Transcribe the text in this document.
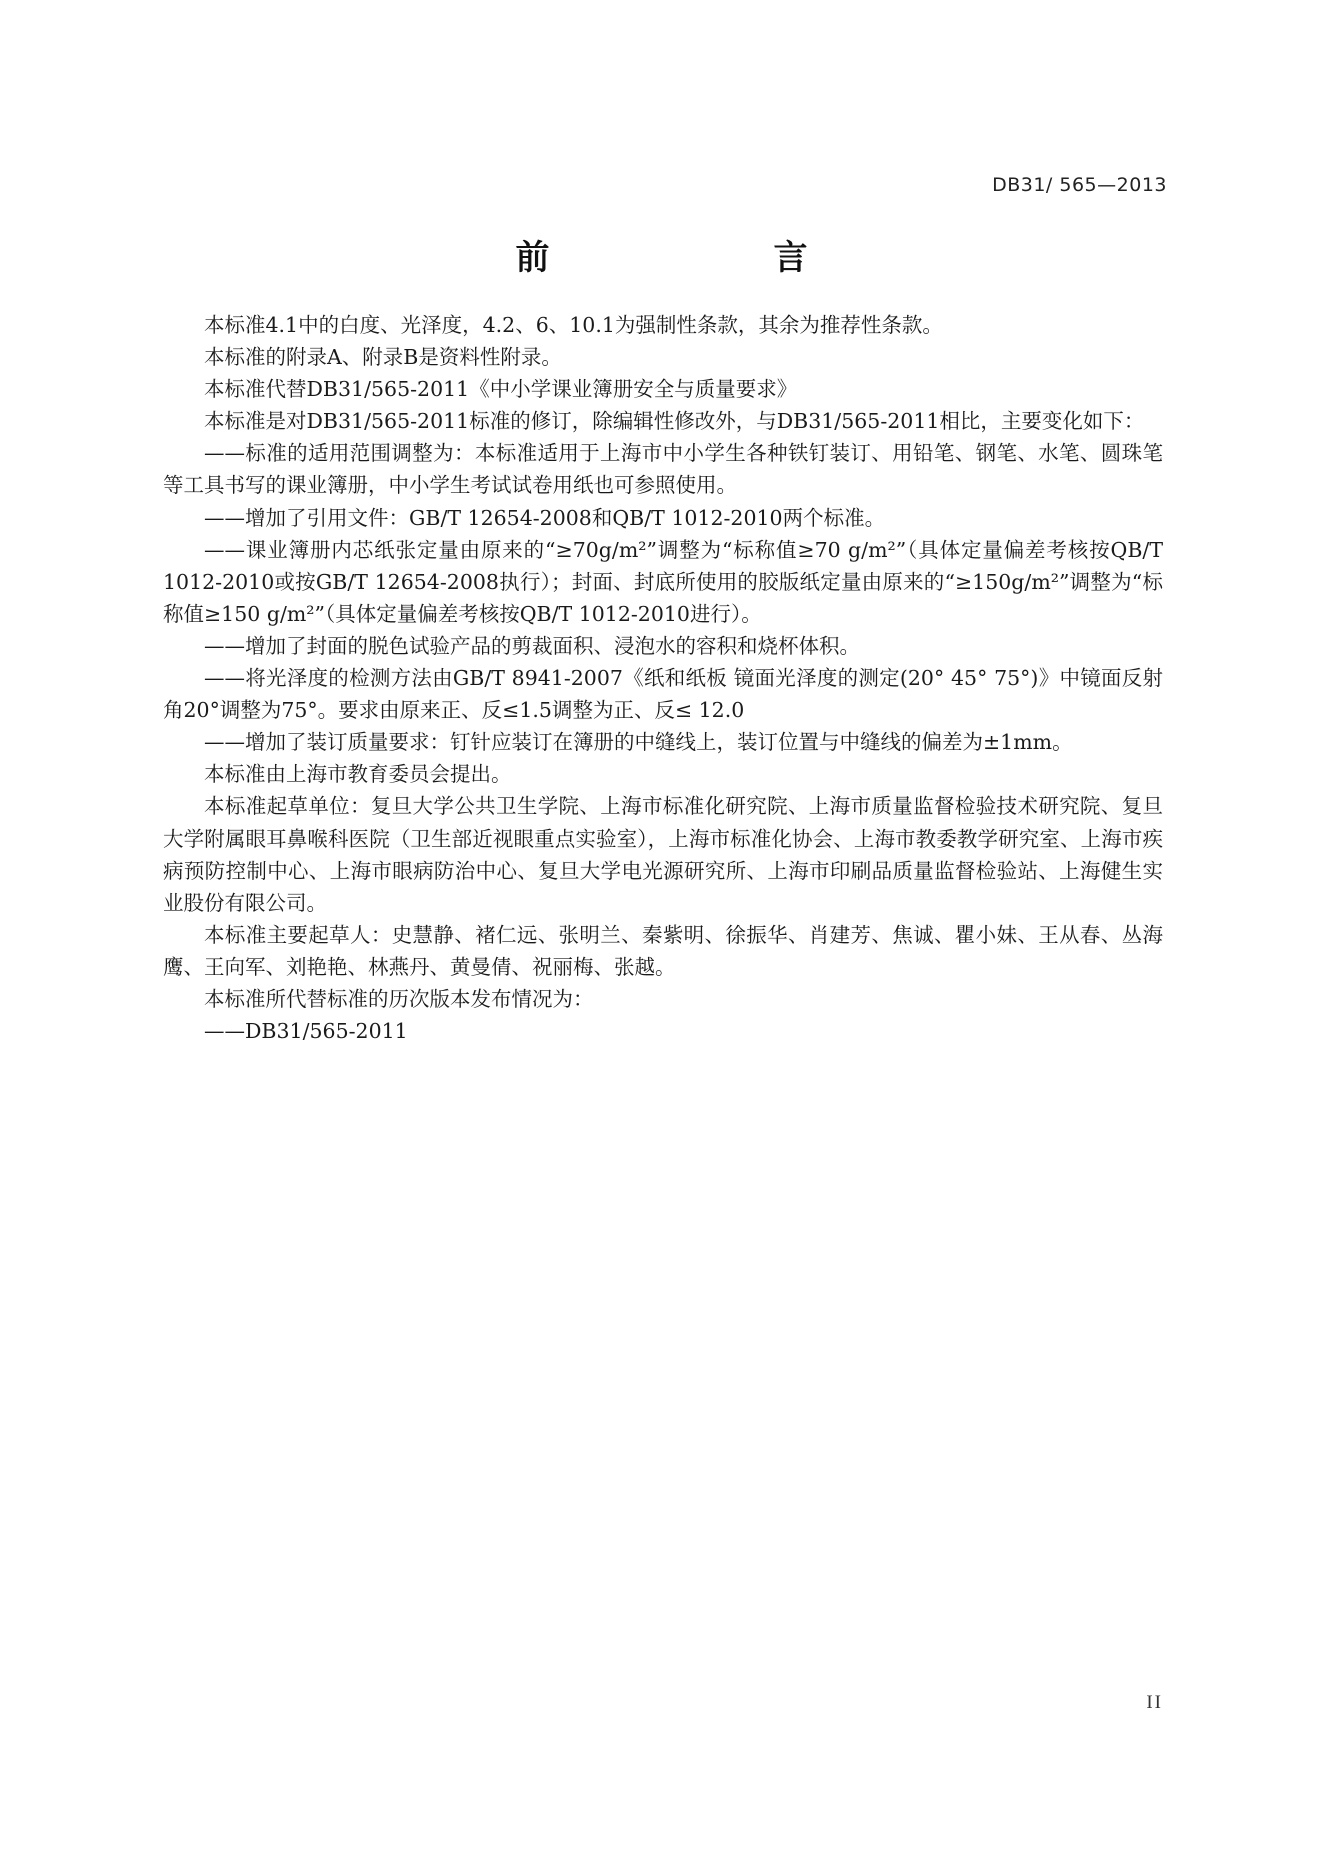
DB31/ 565—2013
前　　言

本标准4.1中的白度、光泽度，4.2、6、10.1为强制性条款，其余为推荐性条款。

本标准的附录A、附录B是资料性附录。

本标准代替DB31/565-2011《中小学课业簿册安全与质量要求》

本标准是对DB31/565-2011标准的修订，除编辑性修改外，与DB31/565-2011相比，主要变化如下：

——标准的适用范围调整为：本标准适用于上海市中小学生各种铁钉装订、用铅笔、钢笔、水笔、圆珠笔等工具书写的课业簿册，中小学生考试试卷用纸也可参照使用。

——增加了引用文件：GB/T 12654-2008和QB/T 1012-2010两个标准。

——课业簿册内芯纸张定量由原来的“≥70g/m²”调整为“标称值≥70 g/m²”（具体定量偏差考核按QB/T 1012-2010或按GB/T 12654-2008执行）；封面、封底所使用的胶版纸定量由原来的“≥150g/m²”调整为“标称值≥150 g/m²”（具体定量偏差考核按QB/T 1012-2010进行）。

——增加了封面的脱色试验产品的剪裁面积、浸泡水的容积和烧杯体积。

——将光泽度的检测方法由GB/T 8941-2007《纸和纸板 镜面光泽度的测定(20° 45° 75°)》中镜面反射角20°调整为75°。要求由原来正、反≤1.5调整为正、反≤ 12.0

——增加了装订质量要求：钉针应装订在簿册的中缝线上，装订位置与中缝线的偏差为±1mm。

本标准由上海市教育委员会提出。

本标准起草单位：复旦大学公共卫生学院、上海市标准化研究院、上海市质量监督检验技术研究院、复旦大学附属眼耳鼻喉科医院（卫生部近视眼重点实验室），上海市标准化协会、上海市教委教学研究室、上海市疾病预防控制中心、上海市眼病防治中心、复旦大学电光源研究所、上海市印刷品质量监督检验站、上海健生实业股份有限公司。

本标准主要起草人：史慧静、褚仁远、张明兰、秦紫明、徐振华、肖建芳、焦诚、瞿小妹、王从春、丛海鹰、王向军、刘艳艳、林燕丹、黄曼倩、祝丽梅、张越。

本标准所代替标准的历次版本发布情况为：

——DB31/565-2011

II
